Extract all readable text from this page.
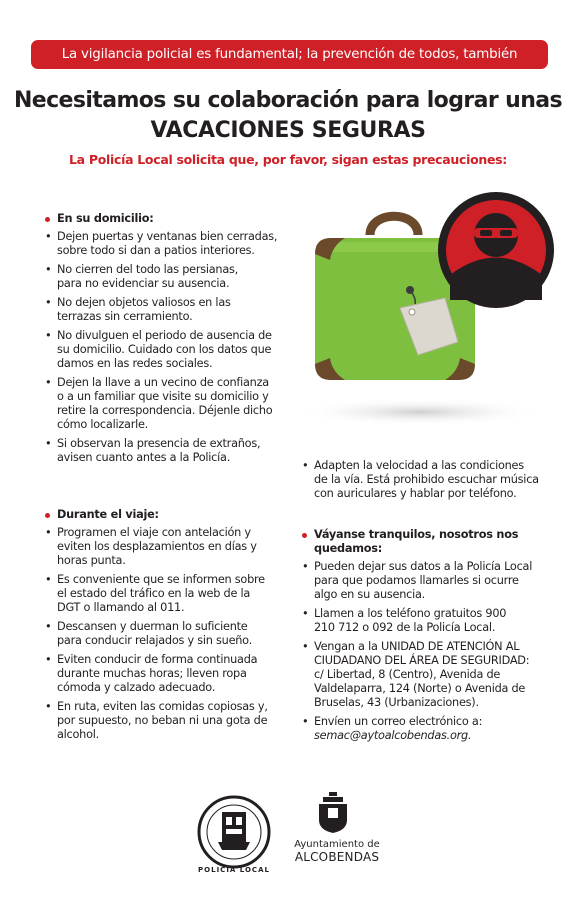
La vigilancia policial es fundamental; la prevención de todos, también
Necesitamos su colaboración para lograr unas
VACACIONES SEGURAS
La Policía Local solicita que, por favor, sigan estas precauciones:
En su domicilio:
• Dejen puertas y ventanas bien cerradas,
sobre todo si dan a patios interiores.
• No cierren del todo las persianas,
para no evidenciar su ausencia.
• No dejen objetos valiosos en las
terrazas sin cerramiento.
• No divulguen el periodo de ausencia de
su domicilio. Cuidado con los datos que
damos en las redes sociales.
• Dejen la llave a un vecino de confianza
o a un familiar que visite su domicilio y
retire la correspondencia. Déjenle dicho
cómo localizarle.
• Si observan la presencia de extraños,
avisen cuanto antes a la Policía.
Durante el viaje:
• Programen el viaje con antelación y
eviten los desplazamientos en días y
horas punta.
• Es conveniente que se informen sobre
el estado del tráfico en la web de la
DGT o llamando al 011.
• Descansen y duerman lo suficiente
para conducir relajados y sin sueño.
• Eviten conducir de forma continuada
durante muchas horas; lleven ropa
cómoda y calzado adecuado.
• En ruta, eviten las comidas copiosas y,
por supuesto, no beban ni una gota de
alcohol.
• Adapten la velocidad a las condiciones
de la vía. Está prohibido escuchar música
con auriculares y hablar por teléfono.
Váyanse tranquilos, nosotros nos
quedamos:
• Pueden dejar sus datos a la Policía Local
para que podamos llamarles si ocurre
algo en su ausencia.
• Llamen a los teléfono gratuitos 900
210 712 o 092 de la Policía Local.
• Vengan a la UNIDAD DE ATENCIÓN AL
CIUDADANO DEL ÁREA DE SEGURIDAD:
c/ Libertad, 8 (Centro), Avenida de
Valdelaparra, 124 (Norte) o Avenida de
Bruselas, 43 (Urbanizaciones).
• Envíen un correo electrónico a:
semac@aytoalcobendas.org.
POLICIA LOCAL
Ayuntamiento de
ALCOBENDAS
